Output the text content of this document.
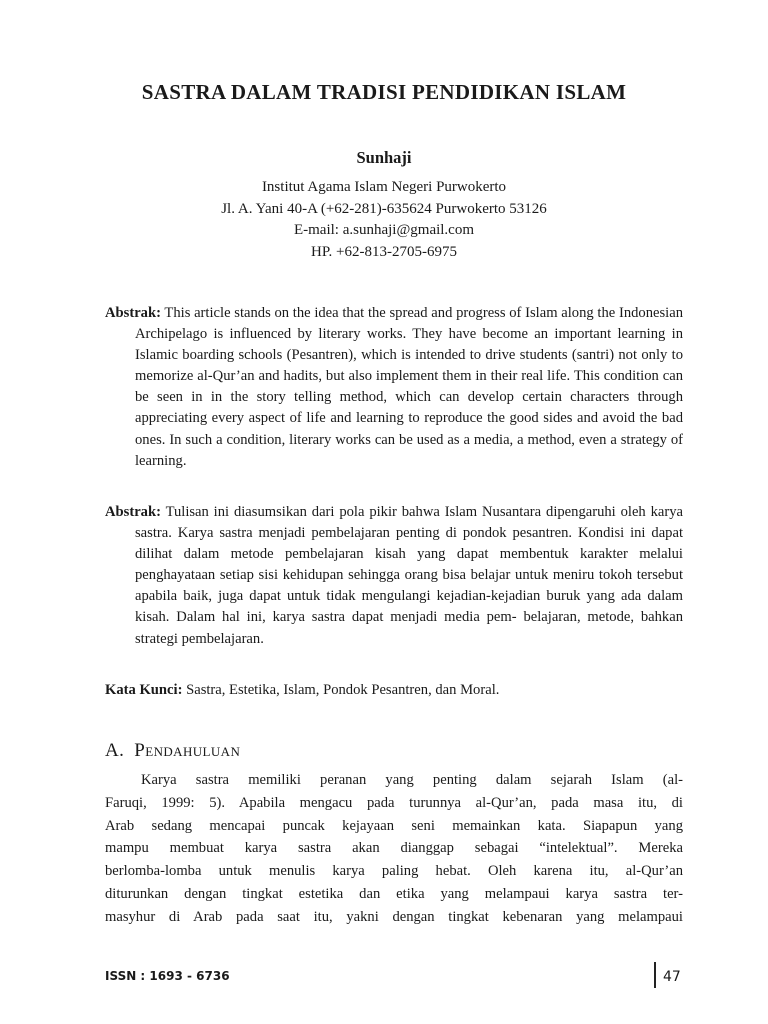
SASTRA DALAM TRADISI PENDIDIKAN ISLAM
Sunhaji
Institut Agama Islam Negeri Purwokerto
Jl. A. Yani 40-A (+62-281)-635624 Purwokerto 53126
E-mail: a.sunhaji@gmail.com
HP. +62-813-2705-6975
Abstrak: This article stands on the idea that the spread and progress of Islam along the Indonesian Archipelago is influenced by literary works. They have become an important learning in Islamic boarding schools (Pesantren), which is intended to drive students (santri) not only to memorize al-Qur’an and hadits, but also implement them in their real life. This condition can be seen in in the story telling method, which can develop certain characters through appreciating every aspect of life and learning to reproduce the good sides and avoid the bad ones. In such a condition, literary works can be used as a media, a method, even a strategy of learning.
Abstrak: Tulisan ini diasumsikan dari pola pikir bahwa Islam Nusantara dipengaruhi oleh karya sastra. Karya sastra menjadi pembelajaran penting di pondok pesantren. Kondisi ini dapat dilihat dalam metode pembelajaran kisah yang dapat membentuk karakter melalui penghayataan setiap sisi kehidupan sehingga orang bisa belajar untuk meniru tokoh tersebut apabila baik, juga dapat untuk tidak mengulangi kejadian-kejadian buruk yang ada dalam kisah. Dalam hal ini, karya sastra dapat menjadi media pem- belajaran, metode, bahkan strategi pembelajaran.
Kata Kunci: Sastra, Estetika, Islam, Pondok Pesantren, dan Moral.
A. Pendahuluan
Karya sastra memiliki peranan yang penting dalam sejarah Islam (al-
Faruqi, 1999: 5). Apabila mengacu pada turunnya al-Qur’an, pada masa itu, di
Arab sedang mencapai puncak kejayaan seni memainkan kata. Siapapun yang
mampu membuat karya sastra akan dianggap sebagai “intelektual”. Mereka
berlomba-lomba untuk menulis karya paling hebat. Oleh karena itu, al-Qur’an
diturunkan dengan tingkat estetika dan etika yang melampaui karya sastra ter-
masyhur di Arab pada saat itu, yakni dengan tingkat kebenaran yang melampaui
ISSN : 1693 - 6736	47
